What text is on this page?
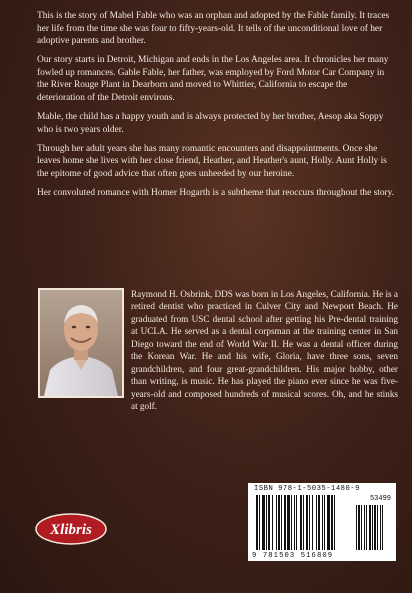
This is the story of Mabel Fable who was an orphan and adopted by the Fable family. It traces her life from the time she was four to fifty-years-old. It tells of the unconditional love of her adoptive parents and brother.

Our story starts in Detroit, Michigan and ends in the Los Angeles area. It chronicles her many fowled up romances. Gable Fable, her father, was employed by Ford Motor Car Company in the River Rouge Plant in Dearborn and moved to Whittier, California to escape the deterioration of the Detroit environs.

Mable, the child has a happy youth and is always protected by her brother, Aesop aka Soppy who is two years older.

Through her adult years she has many romantic encounters and disappointments. Once she leaves home she lives with her close friend, Heather, and Heather's aunt, Holly. Aunt Holly is the epitome of good advice that often goes unheeded by our heroine.

Her convoluted romance with Homer Hogarth is a subtheme that reoccurs throughout the story.

Raymond H. Osbrink, DDS was born in Los Angeles, California. He is a retired dentist who practiced in Culver City and Newport Beach. He graduated from USC dental school after getting his Pre-dental training at UCLA. He served as a dental corpsman at the training center in San Diego toward the end of World War II. He was a dental officer during the Korean War. He and his wife, Gloria, have three sons, seven grandchildren, and four great-grandchildren. His major hobby, other than writing, is music. He has played the piano ever since he was five-years-old and composed hundreds of musical scores. Oh, and he stinks at golf.
Xlibris
ISBN 978-1-5035-1480-9
53499
9 781503 516809
